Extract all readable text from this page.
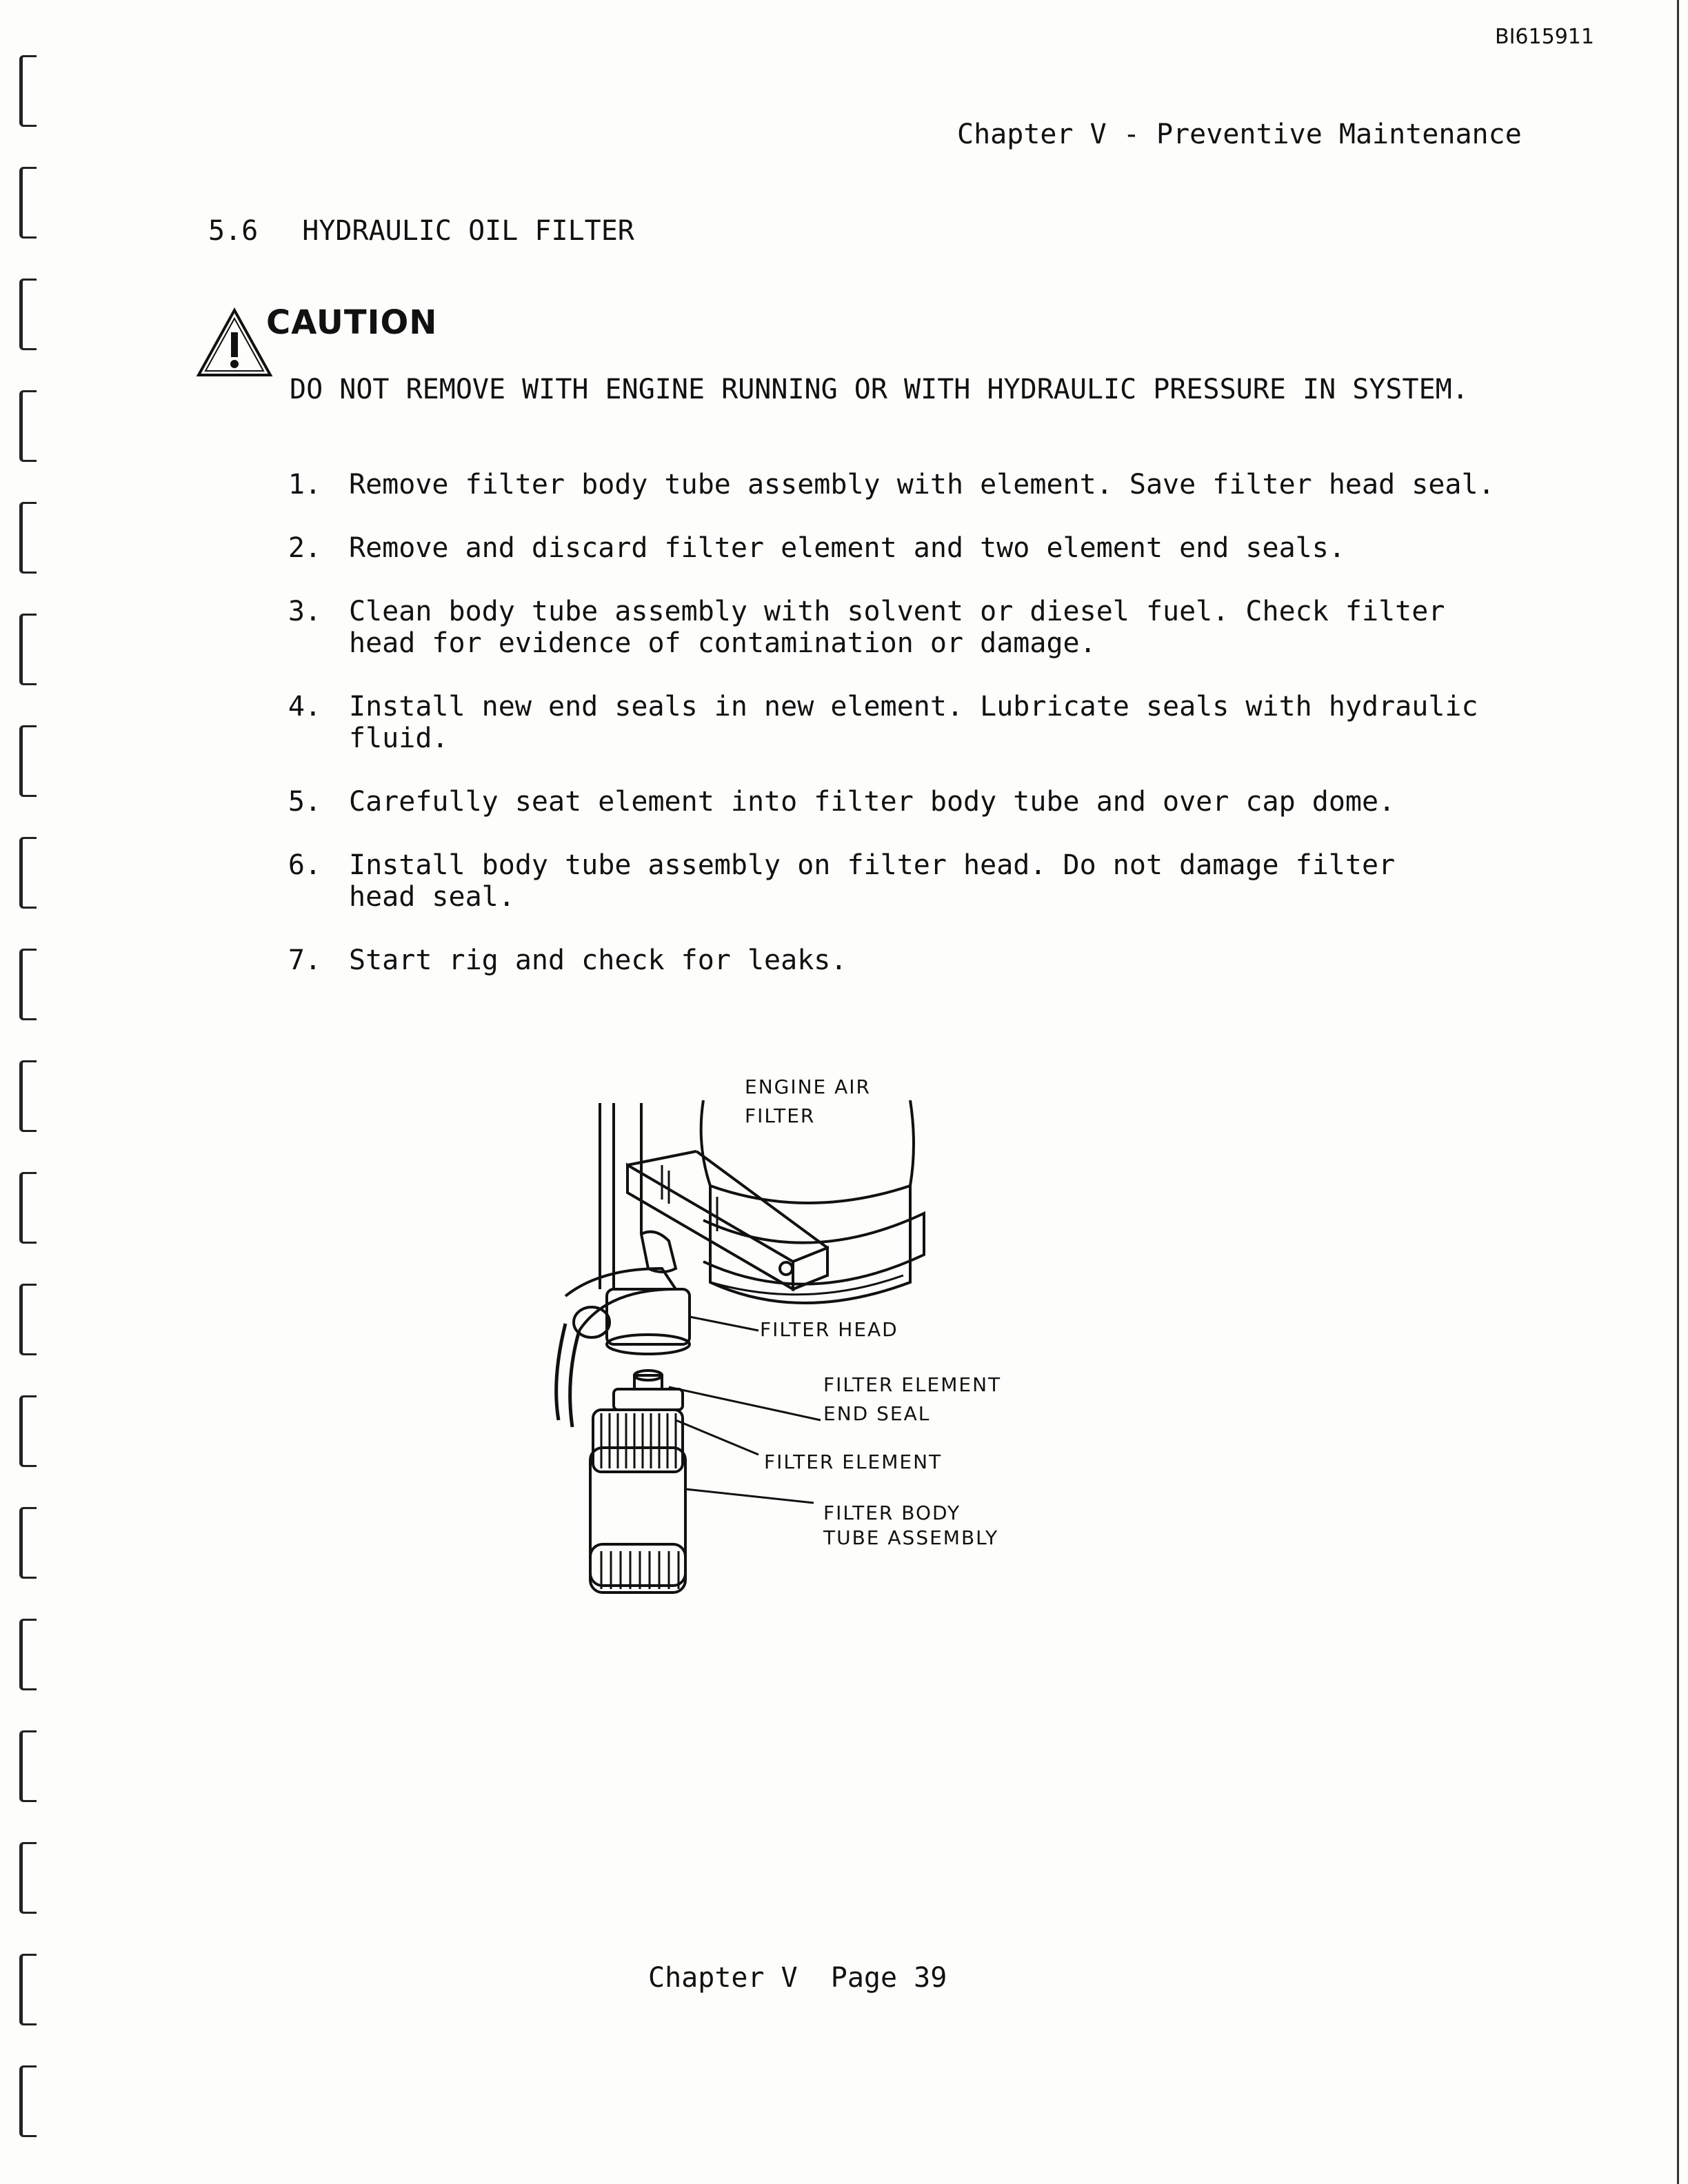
BI615911
Chapter V - Preventive Maintenance
5.6 HYDRAULIC OIL FILTER
CAUTION
DO NOT REMOVE WITH ENGINE RUNNING OR WITH HYDRAULIC PRESSURE IN SYSTEM.
1. Remove filter body tube assembly with element. Save filter head seal.
2. Remove and discard filter element and two element end seals.
3. Clean body tube assembly with solvent or diesel fuel. Check filter
head for evidence of contamination or damage.
4. Install new end seals in new element. Lubricate seals with hydraulic
fluid.
5. Carefully seat element into filter body tube and over cap dome.
6. Install body tube assembly on filter head. Do not damage filter
head seal.
7. Start rig and check for leaks.
ENGINE AIR
FILTER
FILTER HEAD
FILTER ELEMENT
END SEAL
FILTER ELEMENT
FILTER BODY
TUBE ASSEMBLY
Chapter V Page 39
